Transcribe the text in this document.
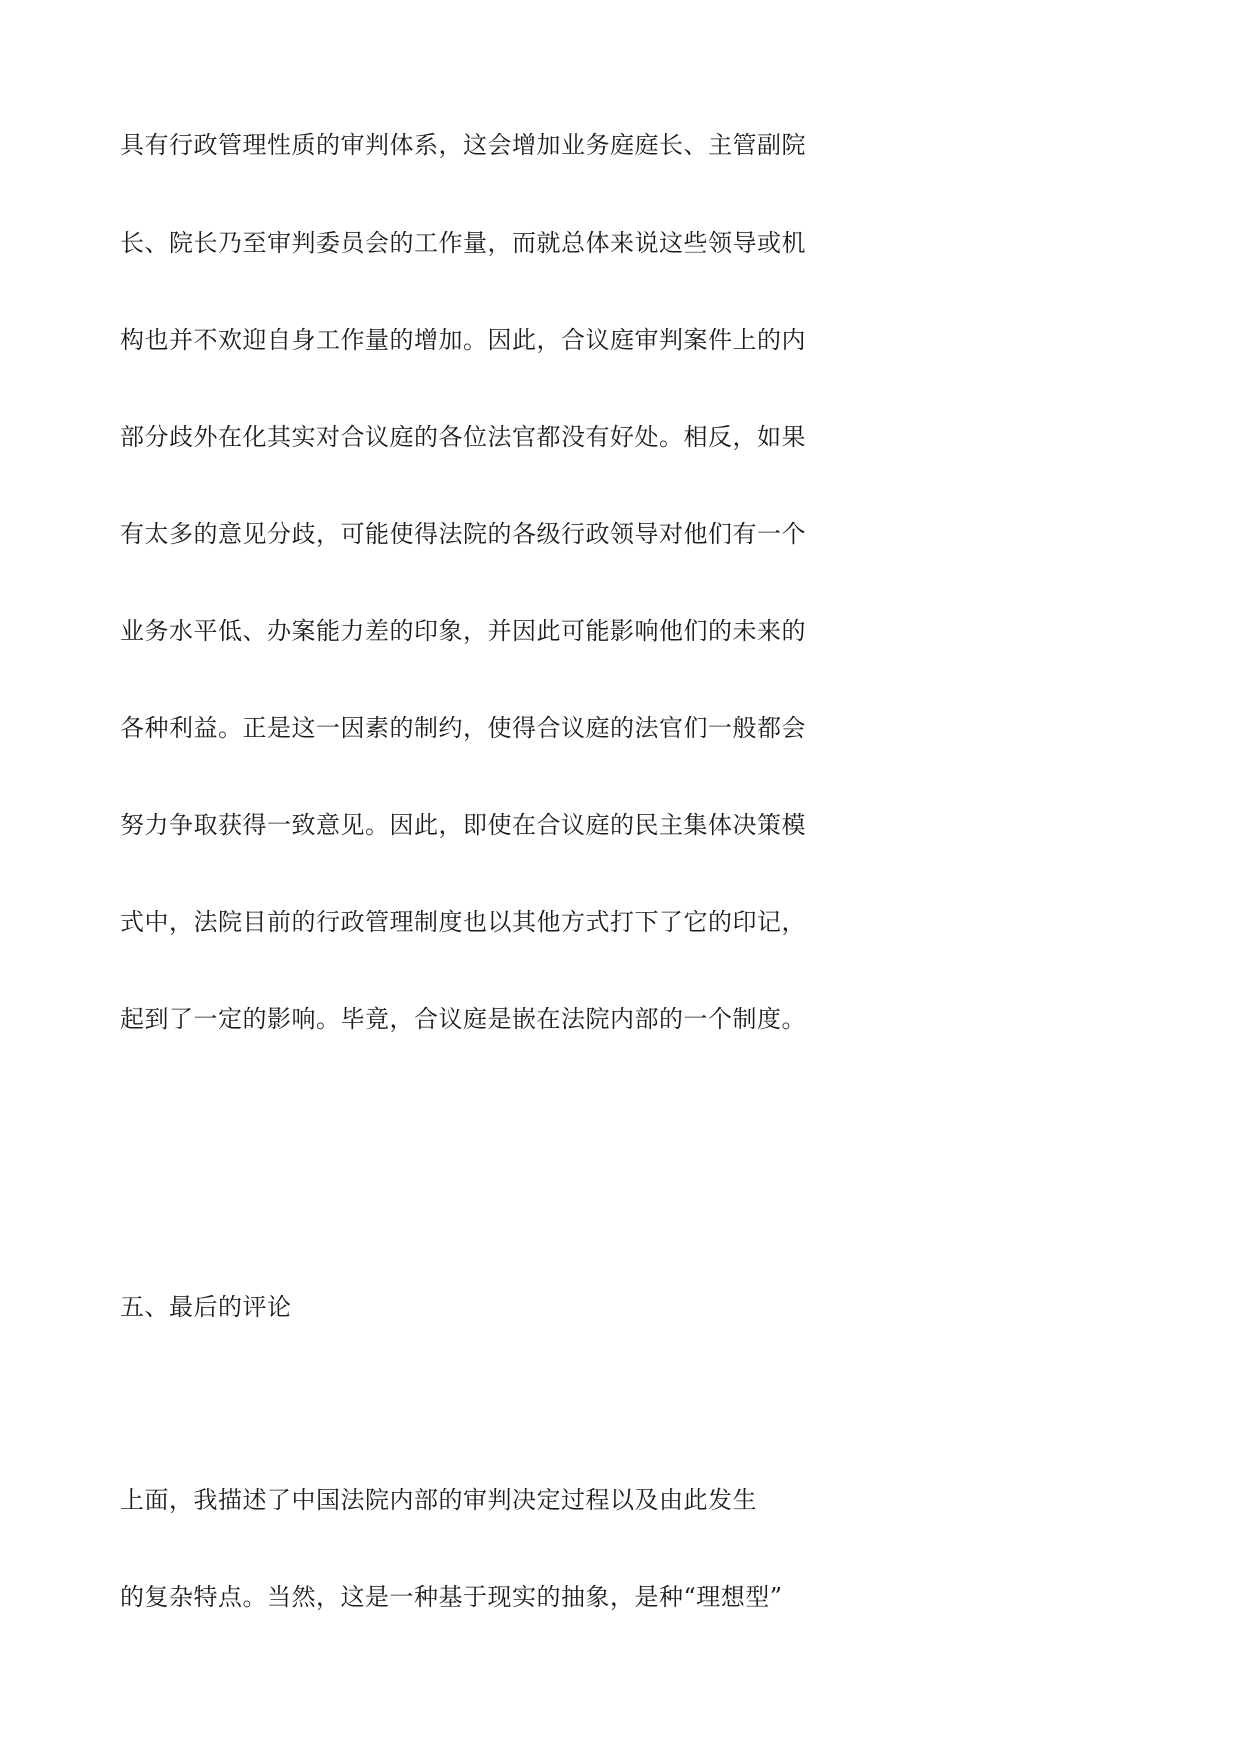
具有行政管理性质的审判体系，这会增加业务庭庭长、主管副院
长、院长乃至审判委员会的工作量，而就总体来说这些领导或机
构也并不欢迎自身工作量的增加。因此，合议庭审判案件上的内
部分歧外在化其实对合议庭的各位法官都没有好处。相反，如果
有太多的意见分歧，可能使得法院的各级行政领导对他们有一个
业务水平低、办案能力差的印象，并因此可能影响他们的未来的
各种利益。正是这一因素的制约，使得合议庭的法官们一般都会
努力争取获得一致意见。因此，即使在合议庭的民主集体决策模
式中，法院目前的行政管理制度也以其他方式打下了它的印记，
起到了一定的影响。毕竟，合议庭是嵌在法院内部的一个制度。
五、最后的评论
上面，我描述了中国法院内部的审判决定过程以及由此发生
的复杂特点。当然，这是一种基于现实的抽象，是种“理想型”
